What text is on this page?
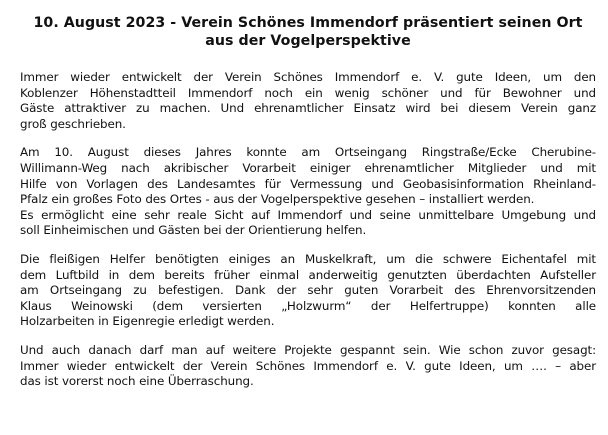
10. August 2023 - Verein Schönes Immendorf präsentiert seinen Ort aus der Vogelperspektive
Immer wieder entwickelt der Verein Schönes Immendorf e. V. gute Ideen, um den
Koblenzer Höhenstadtteil Immendorf noch ein wenig schöner und für Bewohner und
Gäste attraktiver zu machen. Und ehrenamtlicher Einsatz wird bei diesem Verein ganz
groß geschrieben.
Am 10. August dieses Jahres konnte am Ortseingang Ringstraße/Ecke Cherubine-
Willimann-Weg nach akribischer Vorarbeit einiger ehrenamtlicher Mitglieder und mit
Hilfe von Vorlagen des Landesamtes für Vermessung und Geobasisinformation Rheinland-
Pfalz ein großes Foto des Ortes - aus der Vogelperspektive gesehen – installiert werden.
Es ermöglicht eine sehr reale Sicht auf Immendorf und seine unmittelbare Umgebung und
soll Einheimischen und Gästen bei der Orientierung helfen.
Die fleißigen Helfer benötigten einiges an Muskelkraft, um die schwere Eichentafel mit
dem Luftbild in dem bereits früher einmal anderweitig genutzten überdachten Aufsteller
am Ortseingang zu befestigen. Dank der sehr guten Vorarbeit des Ehrenvorsitzenden
Klaus Weinowski (dem versierten „Holzwurm“ der Helfertruppe) konnten alle
Holzarbeiten in Eigenregie erledigt werden.
Und auch danach darf man auf weitere Projekte gespannt sein. Wie schon zuvor gesagt:
Immer wieder entwickelt der Verein Schönes Immendorf e. V. gute Ideen, um …. – aber
das ist vorerst noch eine Überraschung.
